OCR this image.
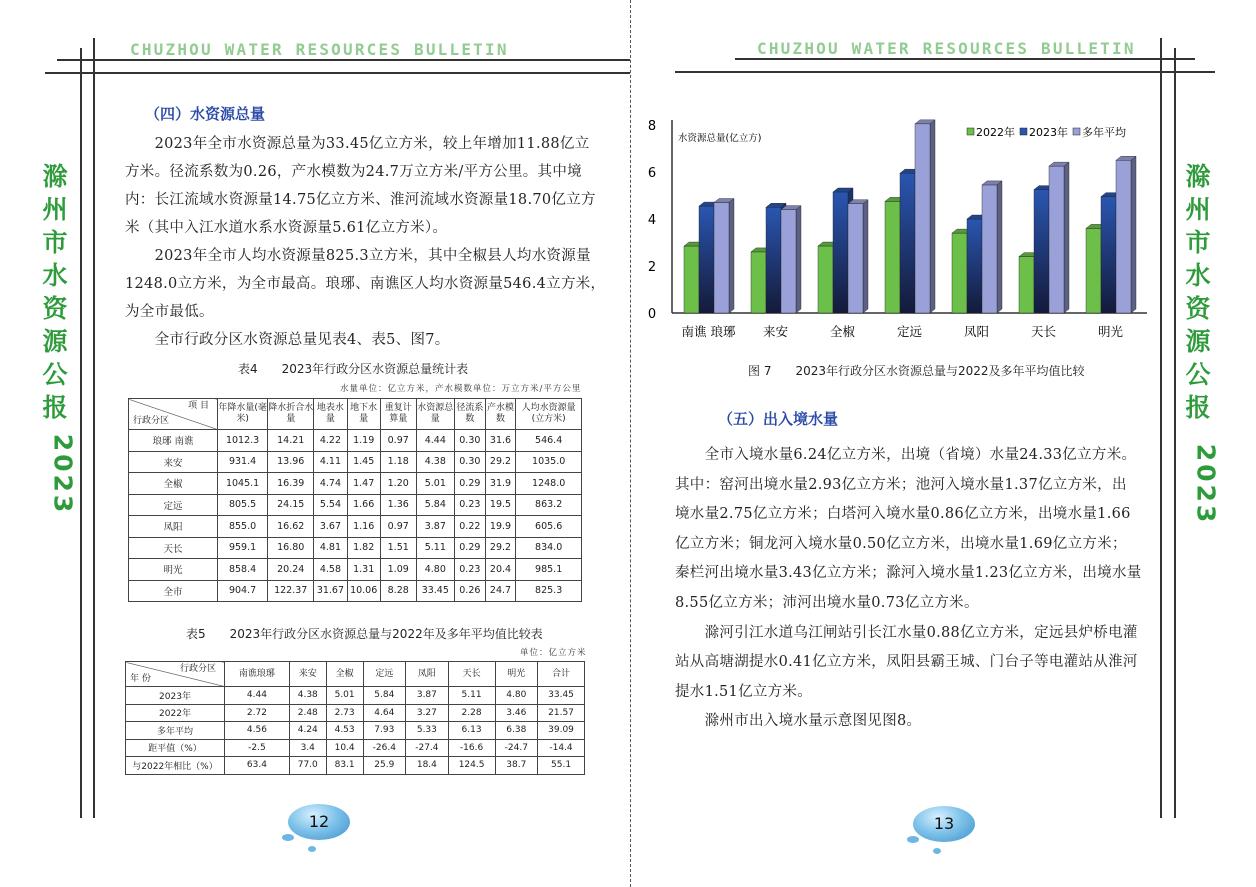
CHUZHOU WATER RESOURCES BULLETIN
滁州市水资源公报
2023
（四）水资源总量
　　2023年全市水资源总量为33.45亿立方米，较上年增加11.88亿立
方米。径流系数为0.26，产水模数为24.7万立方米/平方公里。其中境
内：长江流域水资源量14.75亿立方米、淮河流域水资源量18.70亿立方
米（其中入江水道水系水资源量5.61亿立方米）。
　　2023年全市人均水资源量825.3立方米，其中全椒县人均水资源量
1248.0立方米，为全市最高。琅琊、南谯区人均水资源量546.4立方米，
为全市最低。
　　全市行政分区水资源总量见表4、表5、图7。
表4　　2023年行政分区水资源总量统计表
水量单位：亿立方米，产水模数单位：万立方米/平方公里
项 目
行政分区	年降水量(毫米)	降水折合水量	地表水量	地下水量	重复计算量	水资源总量	径流系数	产水模数	人均水资源量(立方米)
琅琊 南谯	1012.3	14.21	4.22	1.19	0.97	4.44	0.30	31.6	546.4
来安	931.4	13.96	4.11	1.45	1.18	4.38	0.30	29.2	1035.0
全椒	1045.1	16.39	4.74	1.47	1.20	5.01	0.29	31.9	1248.0
定远	805.5	24.15	5.54	1.66	1.36	5.84	0.23	19.5	863.2
凤阳	855.0	16.62	3.67	1.16	0.97	3.87	0.22	19.9	605.6
天长	959.1	16.80	4.81	1.82	1.51	5.11	0.29	29.2	834.0
明光	858.4	20.24	4.58	1.31	1.09	4.80	0.23	20.4	985.1
全市	904.7	122.37	31.67	10.06	8.28	33.45	0.26	24.7	825.3
表5　　2023年行政分区水资源总量与2022年及多年平均值比较表
单位：亿立方米
行政分区
年 份	南谯琅琊	来安	全椒	定远	凤阳	天长	明光	合计
2023年	4.44	4.38	5.01	5.84	3.87	5.11	4.80	33.45
2022年	2.72	2.48	2.73	4.64	3.27	2.28	3.46	21.57
多年平均	4.56	4.24	4.53	7.93	5.33	6.13	6.38	39.09
距平值（%）	-2.5	3.4	10.4	-26.4	-27.4	-16.6	-24.7	-14.4
与2022年相比（%）	63.4	77.0	83.1	25.9	18.4	124.5	38.7	55.1
12
CHUZHOU WATER RESOURCES BULLETIN
滁州市水资源公报
2023
0
2
4
6
8
水资源总量(亿立方)
南谯 琅琊 来安	全椒	定远	凤阳	天长	明光
2022年 2023年 多年平均
图 7　　2023年行政分区水资源总量与2022及多年平均值比较
（五）出入境水量
　　全市入境水量6.24亿立方米，出境（省境）水量24.33亿立方米。
其中：窑河出境水量2.93亿立方米；池河入境水量1.37亿立方米，出
境水量2.75亿立方米；白塔河入境水量0.86亿立方米，出境水量1.66
亿立方米；铜龙河入境水量0.50亿立方米，出境水量1.69亿立方米；
秦栏河出境水量3.43亿立方米；滁河入境水量1.23亿立方米，出境水量
8.55亿立方米；沛河出境水量0.73亿立方米。
　　滁河引江水道乌江闸站引长江水量0.88亿立方米，定远县炉桥电灌
站从高塘湖提水0.41亿立方米，凤阳县霸王城、门台子等电灌站从淮河
提水1.51亿立方米。
　　滁州市出入境水量示意图见图8。
13
